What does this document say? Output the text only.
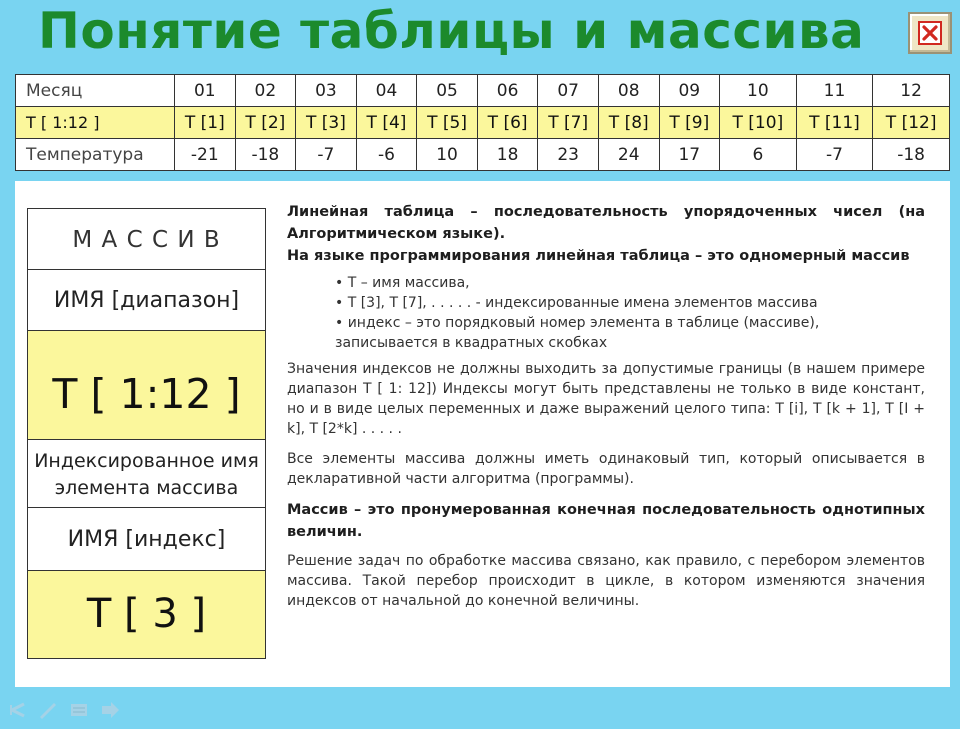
Понятие таблицы и массива
Месяц	01	02	03	04	05	06	07	08	09	10	11	12
Т [ 1:12 ]	Т [1]	Т [2]	Т [3]	Т [4]	Т [5]	Т [6]	Т [7]	Т [8]	Т [9]	Т [10]	Т [11]	Т [12]
Температура	-21	-18	-7	-6	10	18	23	24	17	6	-7	-18
М А С С И В
ИМЯ [диапазон]
Т [ 1:12 ]
Индексированное имя
элемента массива
ИМЯ [индекс]
Т [ 3 ]

Линейная таблица – последовательность упорядоченных чисел (на Алгоритмическом языке).

На языке программирования линейная таблица – это одномерный массив

• Т – имя массива,
• Т [3], Т [7], . . . . . - индексированные имена элементов массива
• индекс – это порядковый номер элемента в таблице (массиве), записывается в квадратных скобках

Значения индексов не должны выходить за допустимые границы (в нашем примере диапазон Т [ 1: 12]) Индексы могут быть представлены не только в виде констант, но и в виде целых переменных и даже выражений целого типа: Т [i], Т [k + 1], Т [I + k], Т [2*k] . . . . .

Все элементы массива должны иметь одинаковый тип, который описывается в декларативной части алгоритма (программы).

Массив – это пронумерованная конечная последовательность однотипных величин.

Решение задач по обработке массива связано, как правило, с перебором элементов массива. Такой перебор происходит в цикле, в котором изменяются значения индексов от начальной до конечной величины.
